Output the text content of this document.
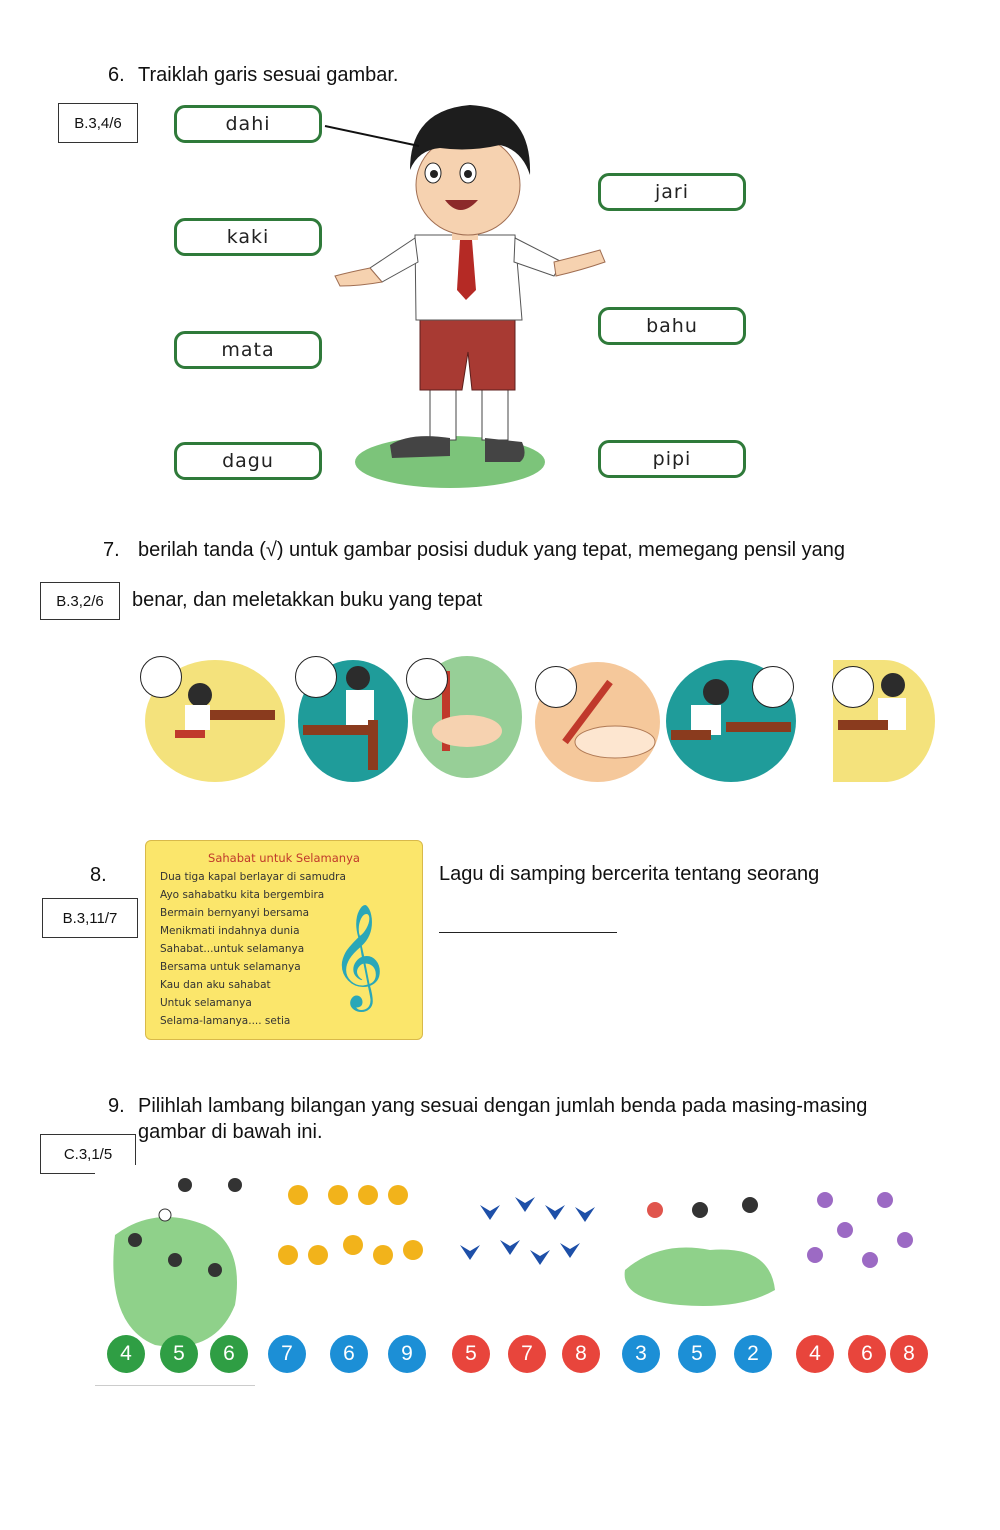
6. Traiklah garis sesuai gambar.
B.3,4/6	dahi
kaki
mata
dagu
jari
bahu
pipi
7. berilah tanda (√) untuk gambar posisi duduk yang tepat, memegang pensil yang
B.3,2/6	benar, dan meletakkan buku yang tepat
8.
B.3,11/7
Sahabat untuk Selamanya
Dua tiga kapal berlayar di samudra
Ayo sahabatku kita bergembira
Bermain bernyanyi bersama
Menikmati indahnya dunia
Sahabat...untuk selamanya
Bersama untuk selamanya
Kau dan aku sahabat
Untuk selamanya
Selama-lamanya.... setia
𝄞
Lagu di samping bercerita tentang seorang
9. Pilihlah lambang bilangan yang sesuai dengan jumlah benda pada masing-masing
gambar di bawah ini.
C.3,1/5
4	5	6	7	6	9	5	7	8	3	5	2	4	6	8
